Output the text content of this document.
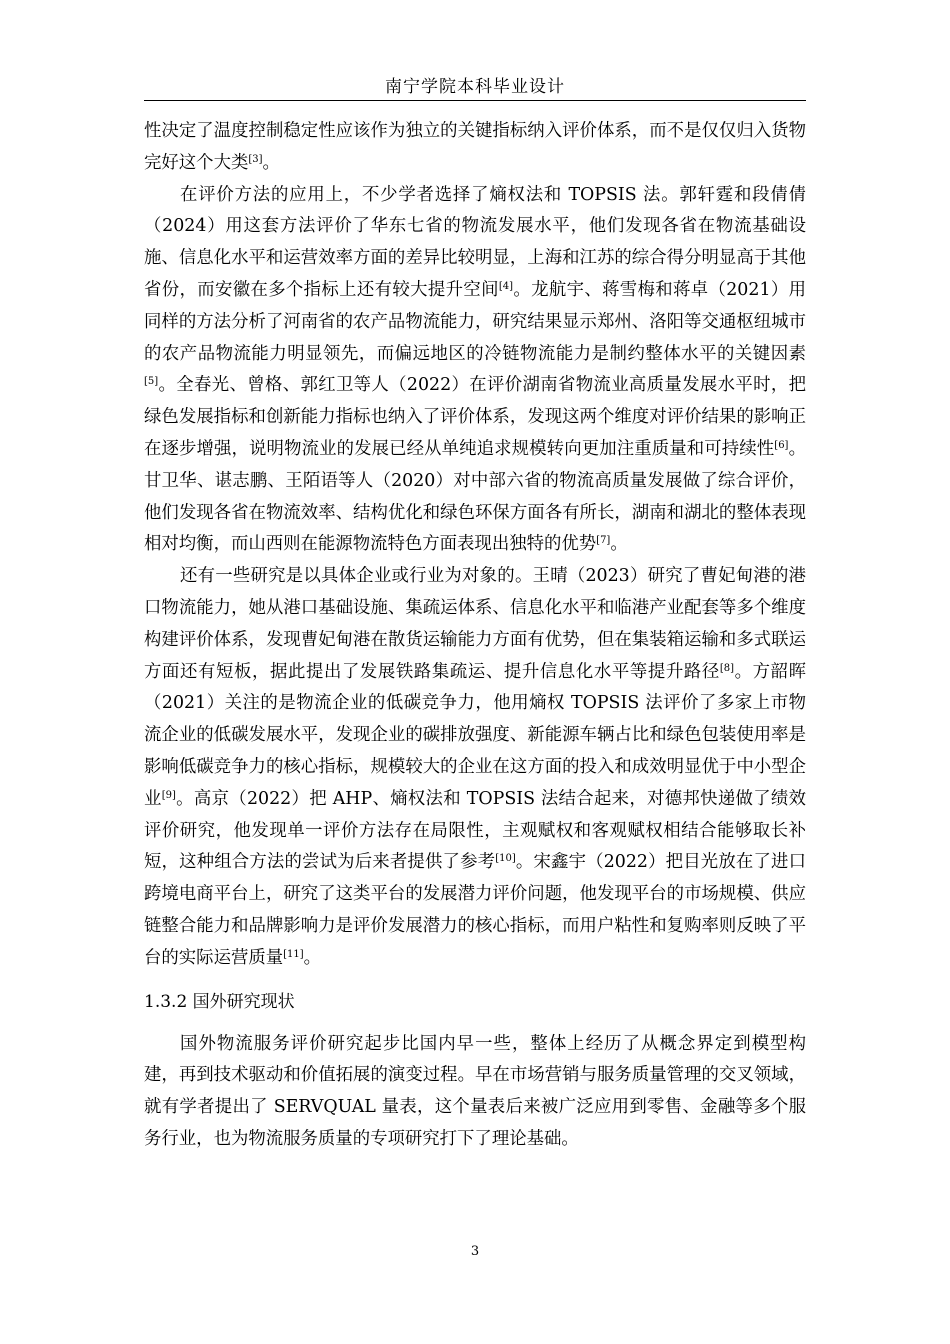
南宁学院本科毕业设计

性决定了温度控制稳定性应该作为独立的关键指标纳入评价体系，而不是仅仅归入货物完好这个大类[3]。

在评价方法的应用上，不少学者选择了熵权法和 TOPSIS 法。郭轩霆和段倩倩（2024）用这套方法评价了华东七省的物流发展水平，他们发现各省在物流基础设施、信息化水平和运营效率方面的差异比较明显，上海和江苏的综合得分明显高于其他省份，而安徽在多个指标上还有较大提升空间[4]。龙航宇、蒋雪梅和蒋卓（2021）用同样的方法分析了河南省的农产品物流能力，研究结果显示郑州、洛阳等交通枢纽城市的农产品物流能力明显领先，而偏远地区的冷链物流能力是制约整体水平的关键因素[5]。全春光、曾格、郭红卫等人（2022）在评价湖南省物流业高质量发展水平时，把绿色发展指标和创新能力指标也纳入了评价体系，发现这两个维度对评价结果的影响正在逐步增强，说明物流业的发展已经从单纯追求规模转向更加注重质量和可持续性[6]。甘卫华、谌志鹏、王陌语等人（2020）对中部六省的物流高质量发展做了综合评价，他们发现各省在物流效率、结构优化和绿色环保方面各有所长，湖南和湖北的整体表现相对均衡，而山西则在能源物流特色方面表现出独特的优势[7]。

还有一些研究是以具体企业或行业为对象的。王晴（2023）研究了曹妃甸港的港口物流能力，她从港口基础设施、集疏运体系、信息化水平和临港产业配套等多个维度构建评价体系，发现曹妃甸港在散货运输能力方面有优势，但在集装箱运输和多式联运方面还有短板，据此提出了发展铁路集疏运、提升信息化水平等提升路径[8]。方韶晖（2021）关注的是物流企业的低碳竞争力，他用熵权 TOPSIS 法评价了多家上市物流企业的低碳发展水平，发现企业的碳排放强度、新能源车辆占比和绿色包装使用率是影响低碳竞争力的核心指标，规模较大的企业在这方面的投入和成效明显优于中小型企业[9]。高京（2022）把 AHP、熵权法和 TOPSIS 法结合起来，对德邦快递做了绩效评价研究，他发现单一评价方法存在局限性，主观赋权和客观赋权相结合能够取长补短，这种组合方法的尝试为后来者提供了参考[10]。宋鑫宇（2022）把目光放在了进口跨境电商平台上，研究了这类平台的发展潜力评价问题，他发现平台的市场规模、供应链整合能力和品牌影响力是评价发展潜力的核心指标，而用户粘性和复购率则反映了平台的实际运营质量[11]。

1.3.2 国外研究现状

国外物流服务评价研究起步比国内早一些，整体上经历了从概念界定到模型构建，再到技术驱动和价值拓展的演变过程。早在市场营销与服务质量管理的交叉领域，就有学者提出了 SERVQUAL 量表，这个量表后来被广泛应用到零售、金融等多个服务行业，也为物流服务质量的专项研究打下了理论基础。

3
